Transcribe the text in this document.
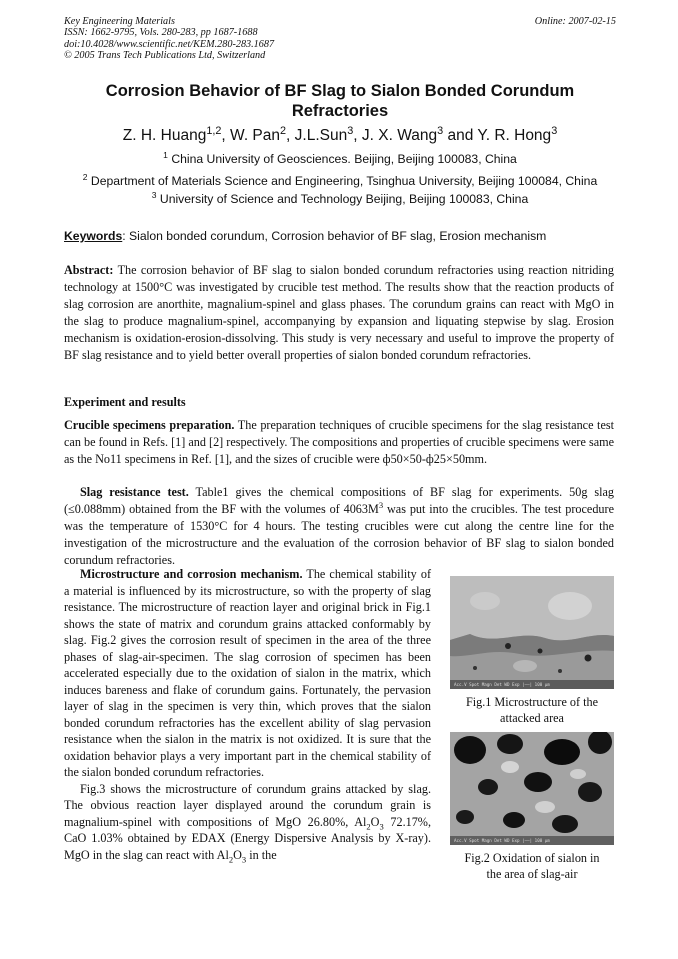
Key Engineering Materials
ISSN: 1662-9795, Vols. 280-283, pp 1687-1688
doi:10.4028/www.scientific.net/KEM.280-283.1687
© 2005 Trans Tech Publications Ltd, Switzerland
Online: 2007-02-15
Corrosion Behavior of BF Slag to Sialon Bonded Corundum
Refractories
Z. H. Huang$^{1,2}$, W. Pan$^2$, J.L.Sun$^3$, J. X. Wang$^3$ and Y. R. Hong$^3$
$^1$ China University of Geosciences. Beijing, Beijing 100083, China
$^2$ Department of Materials Science and Engineering, Tsinghua University, Beijing 100084, China
$^3$ University of Science and Technology Beijing, Beijing 100083, China
Keywords: Sialon bonded corundum, Corrosion behavior of BF slag, Erosion mechanism
Abstract: The corrosion behavior of BF slag to sialon bonded corundum refractories using reaction nitriding technology at 1500°C was investigated by crucible test method. The results show that the reaction products of slag corrosion are anorthite, magnalium-spinel and glass phases. The corundum grains can react with MgO in the slag to produce magnalium-spinel, accompanying by expansion and liquating stepwise by slag. Erosion mechanism is oxidation-erosion-dissolving. This study is very necessary and useful to improve the property of BF slag resistance and to yield better overall properties of sialon bonded corundum refractories.
Experiment and results
Crucible specimens preparation. The preparation techniques of crucible specimens for the slag resistance test can be found in Refs. [1] and [2] respectively. The compositions and properties of crucible specimens were same as the No11 specimens in Ref. [1], and the sizes of crucible were ф50×50-ф25×50mm.
Slag resistance test. Table1 gives the chemical compositions of BF slag for experiments. 50g slag (≤0.088mm) obtained from the BF with the volumes of $4063M^3$ was put into the crucibles. The test procedure was the temperature of 1530°C for 4 hours. The testing crucibles were cut along the centre line for the investigation of the microstructure and the evaluation of the corrosion behavior of BF slag to sialon bonded corundum refractories.

Microstructure and corrosion mechanism. The chemical stability of a material is influenced by its microstructure, so with the property of slag resistance. The microstructure of reaction layer and original brick in Fig.1 shows the state of matrix and corundum grains attacked conformably by slag. Fig.2 gives the corrosion result of specimen in the area of the three phases of slag-air-specimen. The slag corrosion of specimen has been accelerated especially due to the oxidation of sialon in the matrix, which induces bareness and flake of corundum gains. Fortunately, the pervasion layer of slag in the specimen is very thin, which proves that the sialon bonded corundum refractories has the excellent ability of slag pervasion resistance when the sialon in the matrix is not oxidized. It is sure that the oxidation behavior plays a very important part in the chemical stability of the sialon bonded corundum refractories.

Fig.3 shows the microstructure of corundum grains attacked by slag. The obvious reaction layer displayed around the corundum grain is magnalium-spinel with compositions of MgO 26.80%, $Al_2O_3$ 72.17%, CaO 1.03% obtained by EDAX (Energy Dispersive Analysis by X-ray). MgO in the slag can react with $Al_2O_3$ in the

Acc.V Spot Magn Det WD Exp |——| 100 μm
Fig.1 Microstructure of the
attacked area
Acc.V Spot Magn Det WD Exp |——| 100 μm
Fig.2 Oxidation of sialon in
the area of slag-air
